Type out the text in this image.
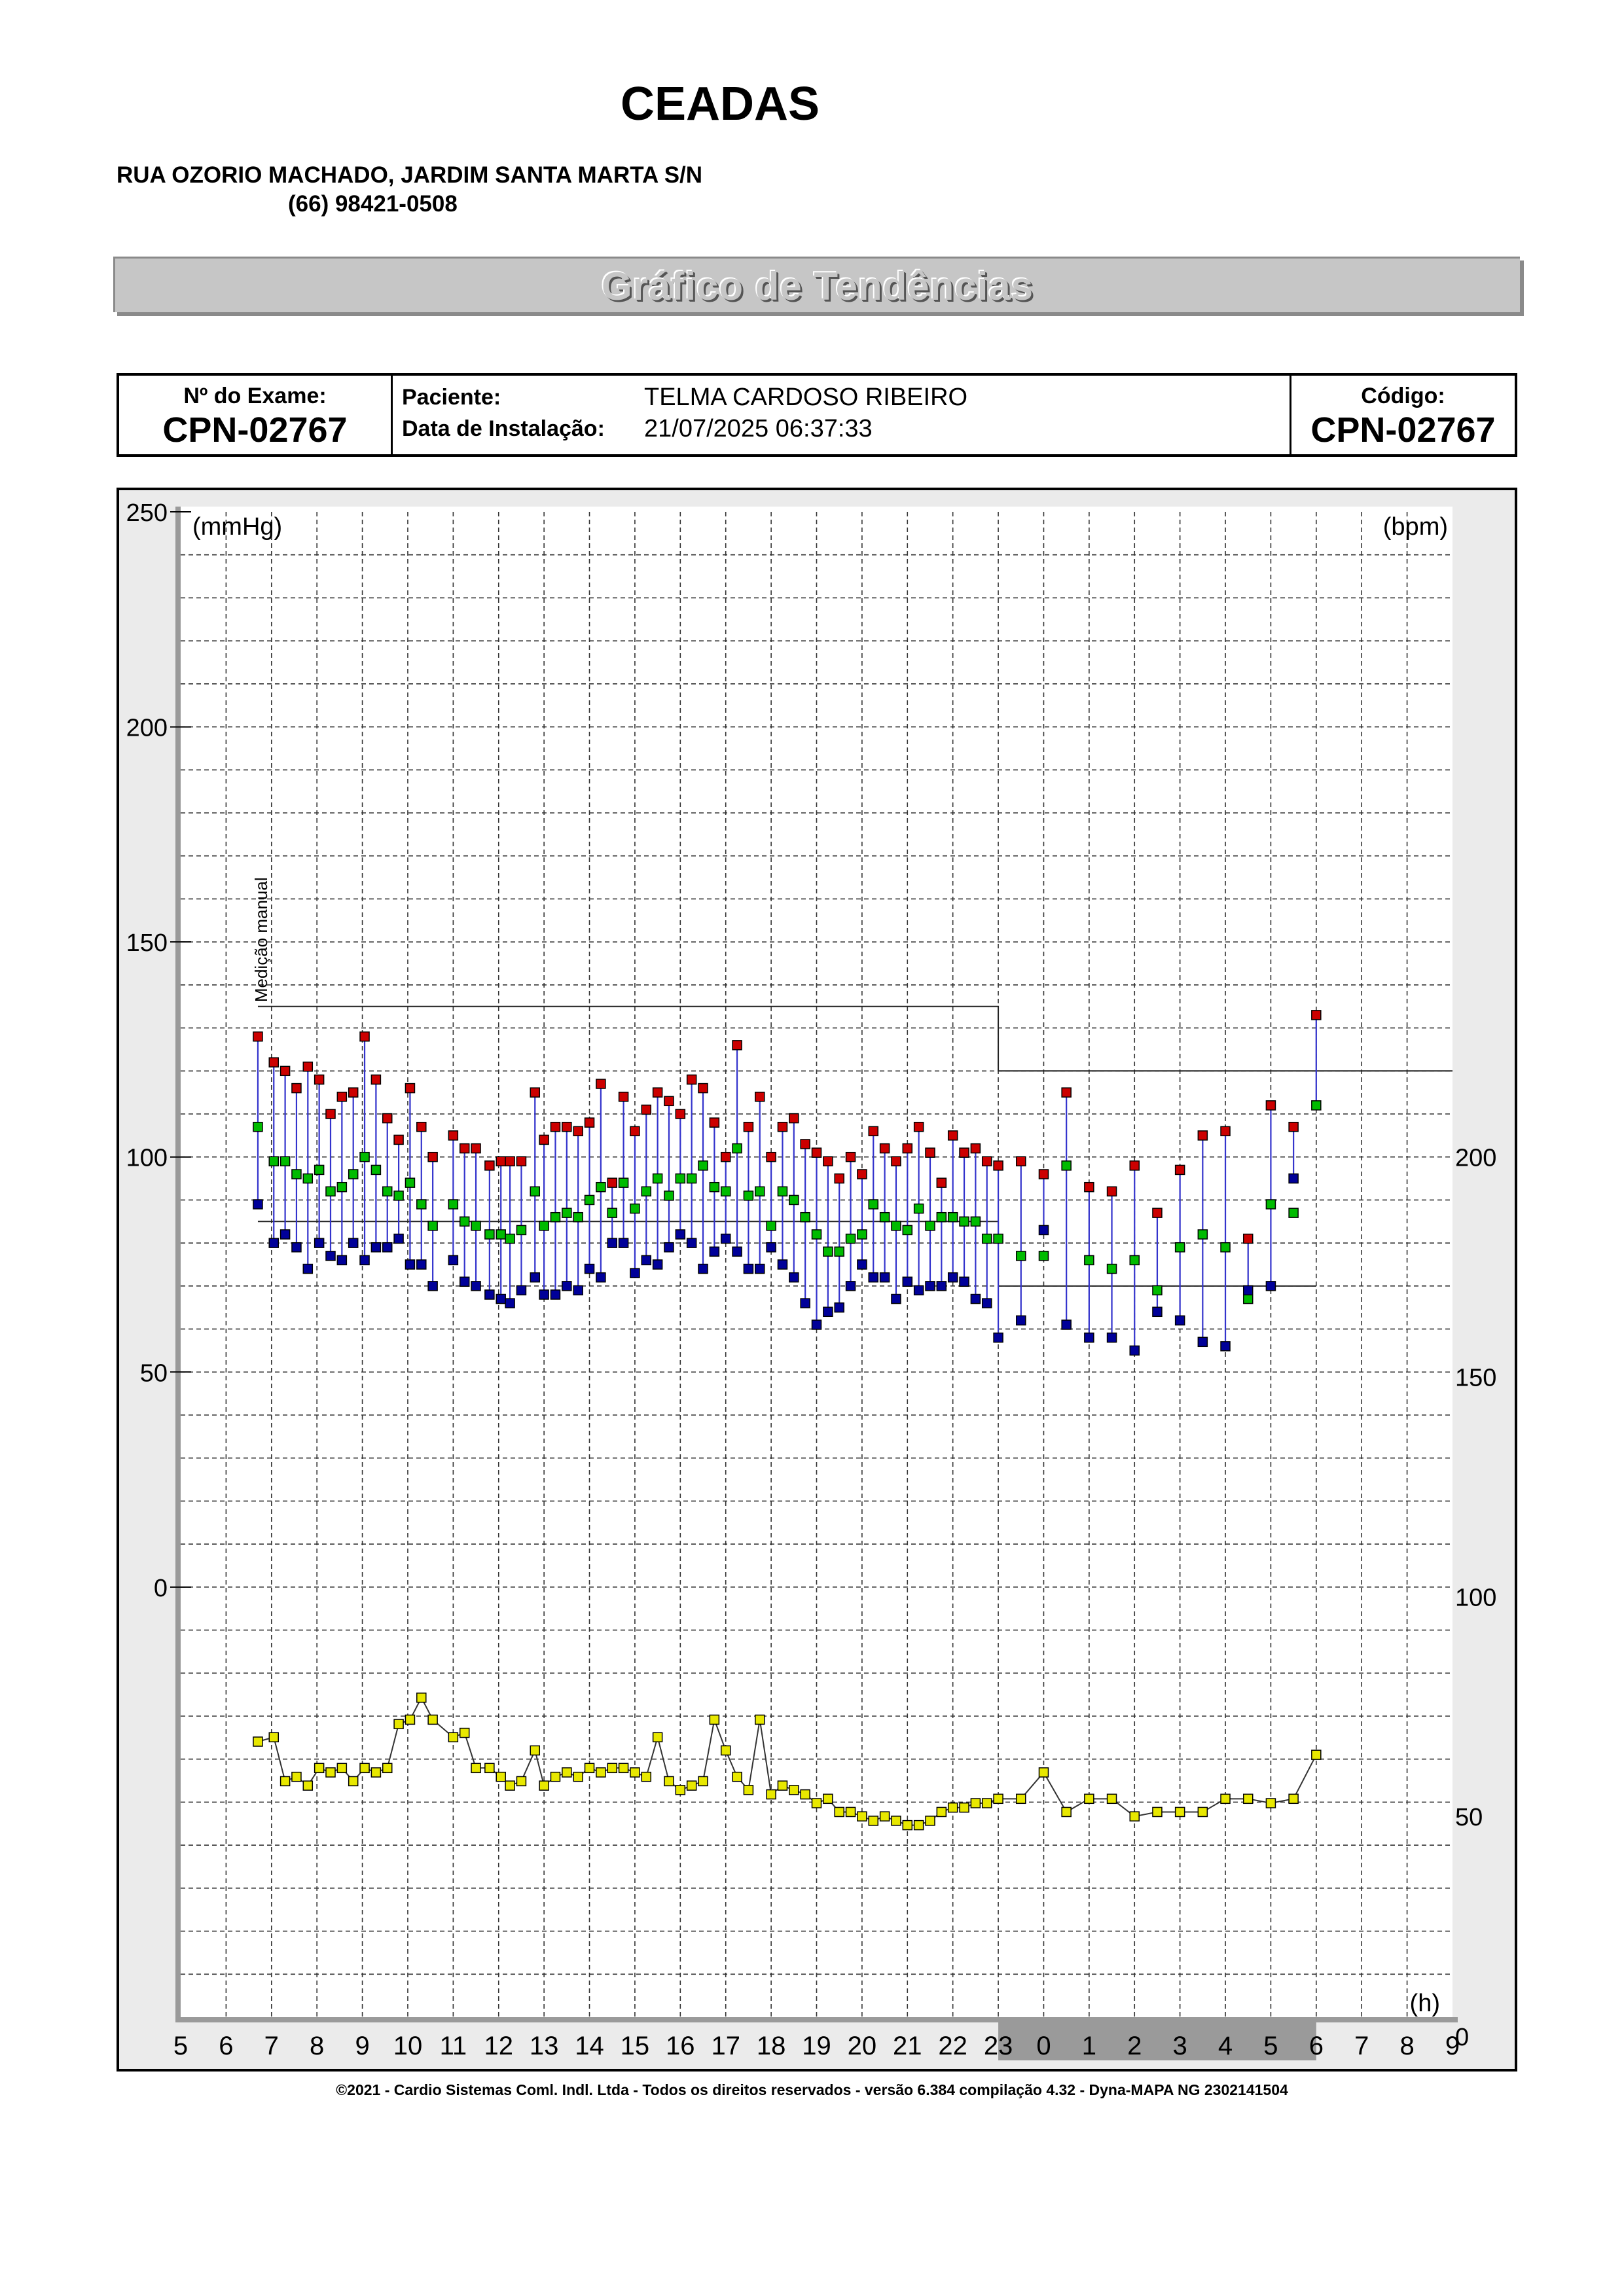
CEADAS
RUA OZORIO MACHADO, JARDIM SANTA MARTA S/N
(66) 98421-0508
Gráfico de Tendências
Nº do Exame:
CPN-02767
Paciente:	TELMA CARDOSO RIBEIRO
Data de Instalação: 21/07/2025 06:37:33
Código:
CPN-02767
250
200
150
100
50
0
200
150
100
50
0
(mmHg)	(bpm)
(h)
5 6 7 8 9 10 11 12 13 14 15 16 17 18 19 20 21 22 23 0 1 2 3 4 5 6 7 8 9
Medição manual
©2021 - Cardio Sistemas Coml. Indl. Ltda - Todos os direitos reservados - versão 6.384 compilação 4.32 - Dyna-MAPA NG 2302141504
